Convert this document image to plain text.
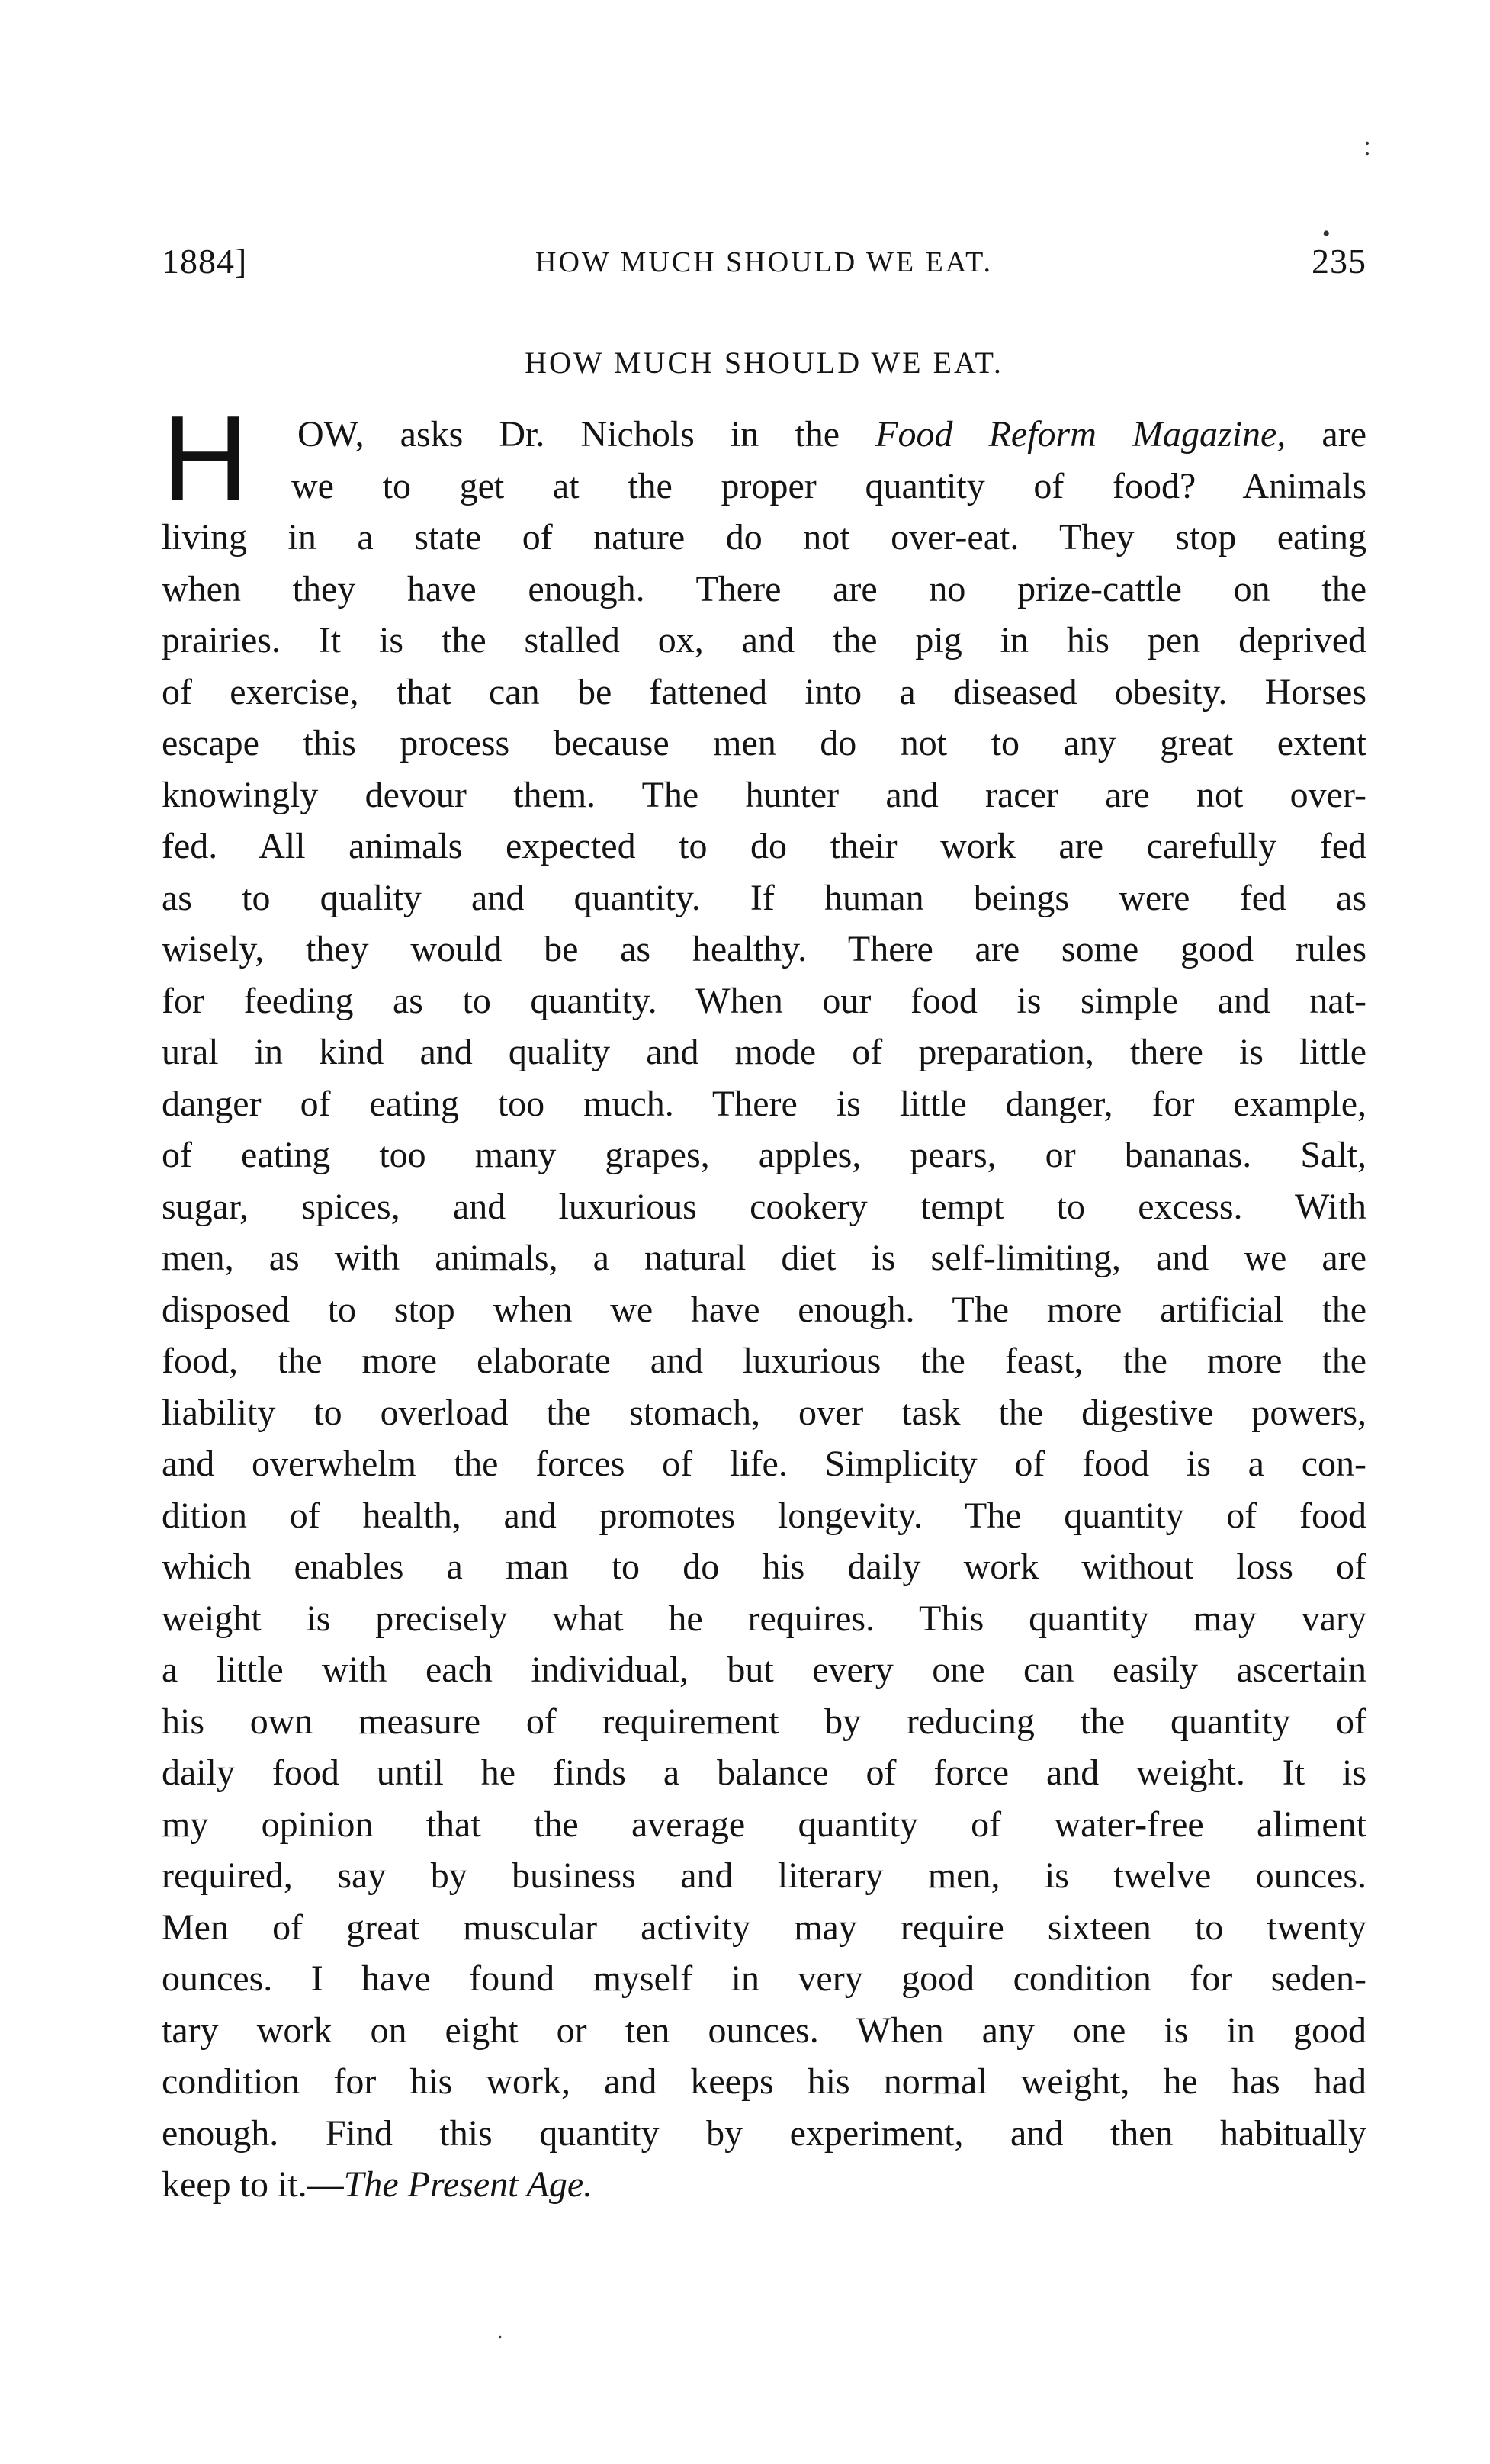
:
•
1884]	HOW MUCH SHOULD WE EAT.	235
HOW MUCH SHOULD WE EAT.
H	OW, asks Dr. Nichols in the Food Reform Magazine, are
we to get at the proper quantity of food? Animals
living in a state of nature do not over-eat. They stop eating
when they have enough. There are no prize-cattle on the
prairies. It is the stalled ox, and the pig in his pen deprived
of exercise, that can be fattened into a diseased obesity. Horses
escape this process because men do not to any great extent
knowingly devour them. The hunter and racer are not over-
fed. All animals expected to do their work are carefully fed
as to quality and quantity. If human beings were fed as
wisely, they would be as healthy. There are some good rules
for feeding as to quantity. When our food is simple and nat-
ural in kind and quality and mode of preparation, there is little
danger of eating too much. There is little danger, for example,
of eating too many grapes, apples, pears, or bananas. Salt,
sugar, spices, and luxurious cookery tempt to excess. With
men, as with animals, a natural diet is self-limiting, and we are
disposed to stop when we have enough. The more artificial the
food, the more elaborate and luxurious the feast, the more the
liability to overload the stomach, over task the digestive powers,
and overwhelm the forces of life. Simplicity of food is a con-
dition of health, and promotes longevity. The quantity of food
which enables a man to do his daily work without loss of
weight is precisely what he requires. This quantity may vary
a little with each individual, but every one can easily ascertain
his own measure of requirement by reducing the quantity of
daily food until he finds a balance of force and weight. It is
my opinion that the average quantity of water-free aliment
required, say by business and literary men, is twelve ounces.
Men of great muscular activity may require sixteen to twenty
ounces. I have found myself in very good condition for seden-
tary work on eight or ten ounces. When any one is in good
condition for his work, and keeps his normal weight, he has had
enough. Find this quantity by experiment, and then habitually
keep to it.—The Present Age.
.
